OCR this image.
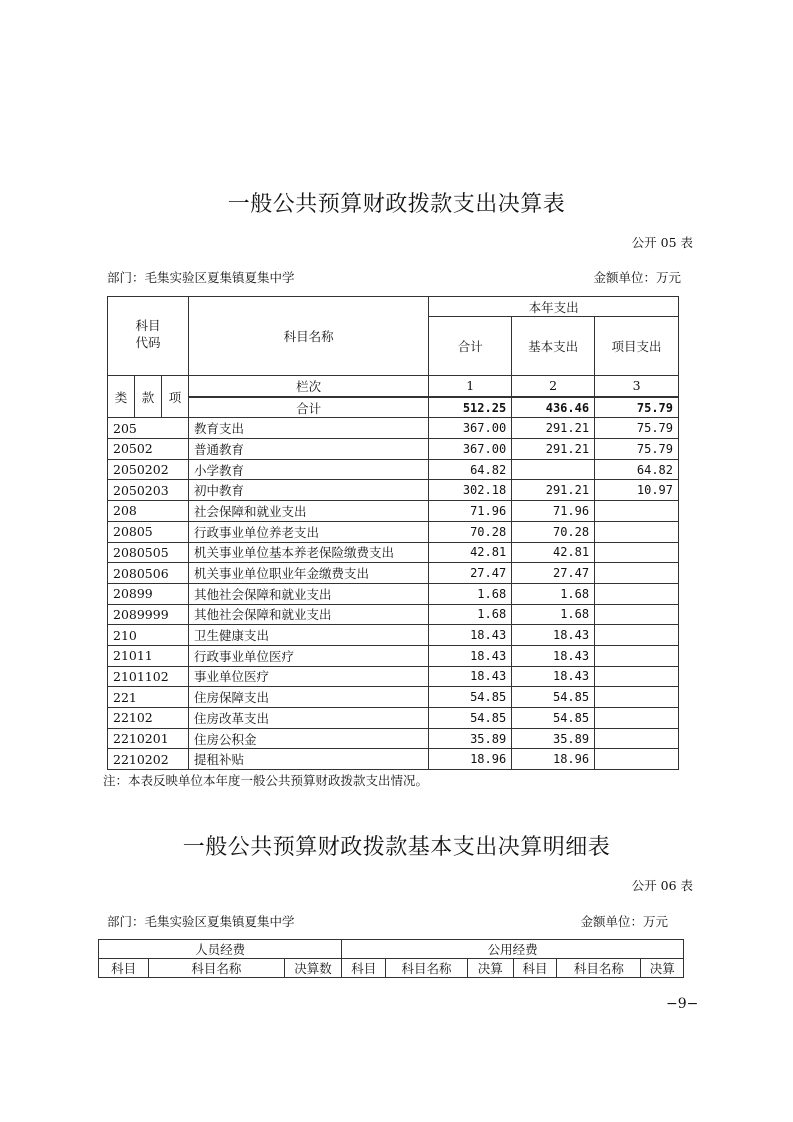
一般公共预算财政拨款支出决算表
公开 05 表
部门：毛集实验区夏集镇夏集中学	金额单位：万元
科目
代码			科目名称	本年支出		
				合计	基本支出	项目支出
类	款	项	栏次	1	2	3
			合计	512.25	436.46	75.79
205			教育支出	367.00	291.21	75.79
20502			普通教育	367.00	291.21	75.79
2050202			小学教育	64.82		64.82
2050203			初中教育	302.18	291.21	10.97
208			社会保障和就业支出	71.96	71.96	
20805			行政事业单位养老支出	70.28	70.28	
2080505			机关事业单位基本养老保险缴费支出	42.81	42.81	
2080506			机关事业单位职业年金缴费支出	27.47	27.47	
20899			其他社会保障和就业支出	1.68	1.68	
2089999			其他社会保障和就业支出	1.68	1.68	
210			卫生健康支出	18.43	18.43	
21011			行政事业单位医疗	18.43	18.43	
2101102			事业单位医疗	18.43	18.43	
221			住房保障支出	54.85	54.85	
22102			住房改革支出	54.85	54.85	
2210201			住房公积金	35.89	35.89	
2210202			提租补贴	18.96	18.96	
注：本表反映单位本年度一般公共预算财政拨款支出情况。
一般公共预算财政拨款基本支出决算明细表
公开 06 表
部门：毛集实验区夏集镇夏集中学	金额单位：万元
人员经费			公用经费					
科目	科目名称	决算数	科目	科目名称	决算	科目	科目名称	决算
−9−
